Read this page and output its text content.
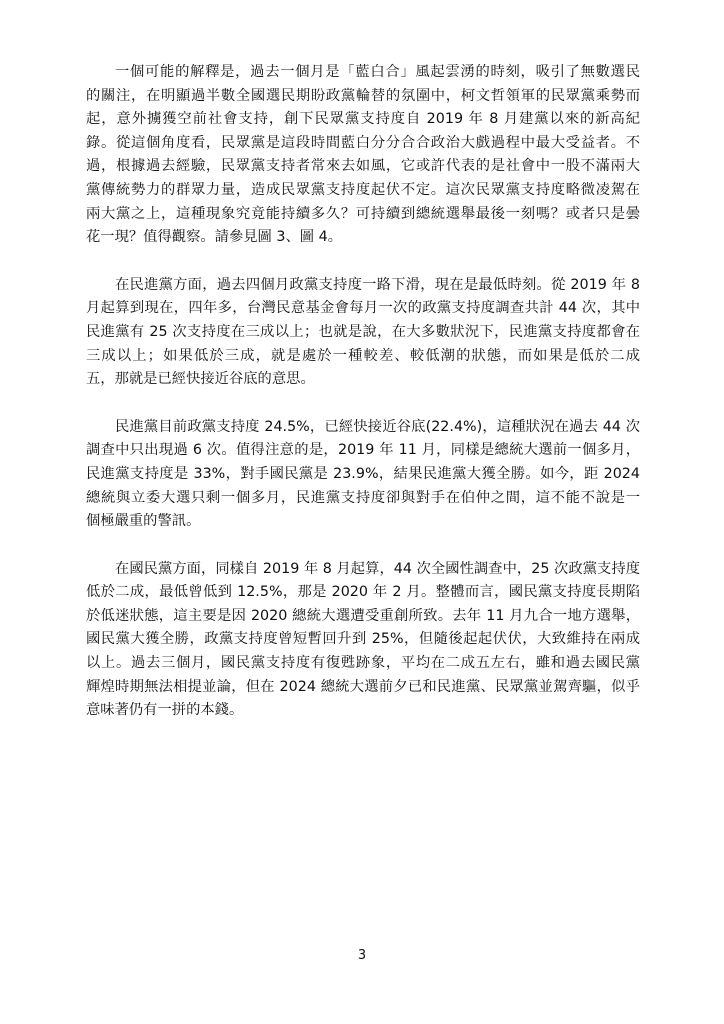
一個可能的解釋是，過去一個月是「藍白合」風起雲湧的時刻，吸引了無數選民
的關注，在明顯過半數全國選民期盼政黨輪替的氛圍中，柯文哲領軍的民眾黨乘勢而
起，意外擄獲空前社會支持，創下民眾黨支持度自 2019 年 8 月建黨以來的新高紀
錄。從這個角度看，民眾黨是這段時間藍白分分合合政治大戲過程中最大受益者。不
過，根據過去經驗，民眾黨支持者常來去如風，它或許代表的是社會中一股不滿兩大
黨傳統勢力的群眾力量，造成民眾黨支持度起伏不定。這次民眾黨支持度略微凌駕在
兩大黨之上，這種現象究竟能持續多久？可持續到總統選舉最後一刻嗎？或者只是曇
花一現？值得觀察。請參見圖 3、圖 4。
在民進黨方面，過去四個月政黨支持度一路下滑，現在是最低時刻。從 2019 年 8
月起算到現在，四年多，台灣民意基金會每月一次的政黨支持度調查共計 44 次，其中
民進黨有 25 次支持度在三成以上；也就是說，在大多數狀況下，民進黨支持度都會在
三成以上；如果低於三成，就是處於一種較差、較低潮的狀態，而如果是低於二成
五，那就是已經快接近谷底的意思。
民進黨目前政黨支持度 24.5%，已經快接近谷底(22.4%)，這種狀況在過去 44 次
調查中只出現過 6 次。值得注意的是，2019 年 11 月，同樣是總統大選前一個多月，
民進黨支持度是 33%，對手國民黨是 23.9%，結果民進黨大獲全勝。如今，距 2024
總統與立委大選只剩一個多月，民進黨支持度卻與對手在伯仲之間，這不能不說是一
個極嚴重的警訊。
在國民黨方面，同樣自 2019 年 8 月起算，44 次全國性調查中，25 次政黨支持度
低於二成，最低曾低到 12.5%，那是 2020 年 2 月。整體而言，國民黨支持度長期陷
於低迷狀態，這主要是因 2020 總統大選遭受重創所致。去年 11 月九合一地方選舉，
國民黨大獲全勝，政黨支持度曾短暫回升到 25%，但隨後起起伏伏，大致維持在兩成
以上。過去三個月，國民黨支持度有復甦跡象，平均在二成五左右，雖和過去國民黨
輝煌時期無法相提並論，但在 2024 總統大選前夕已和民進黨、民眾黨並駕齊驅，似乎
意味著仍有一拼的本錢。
3
